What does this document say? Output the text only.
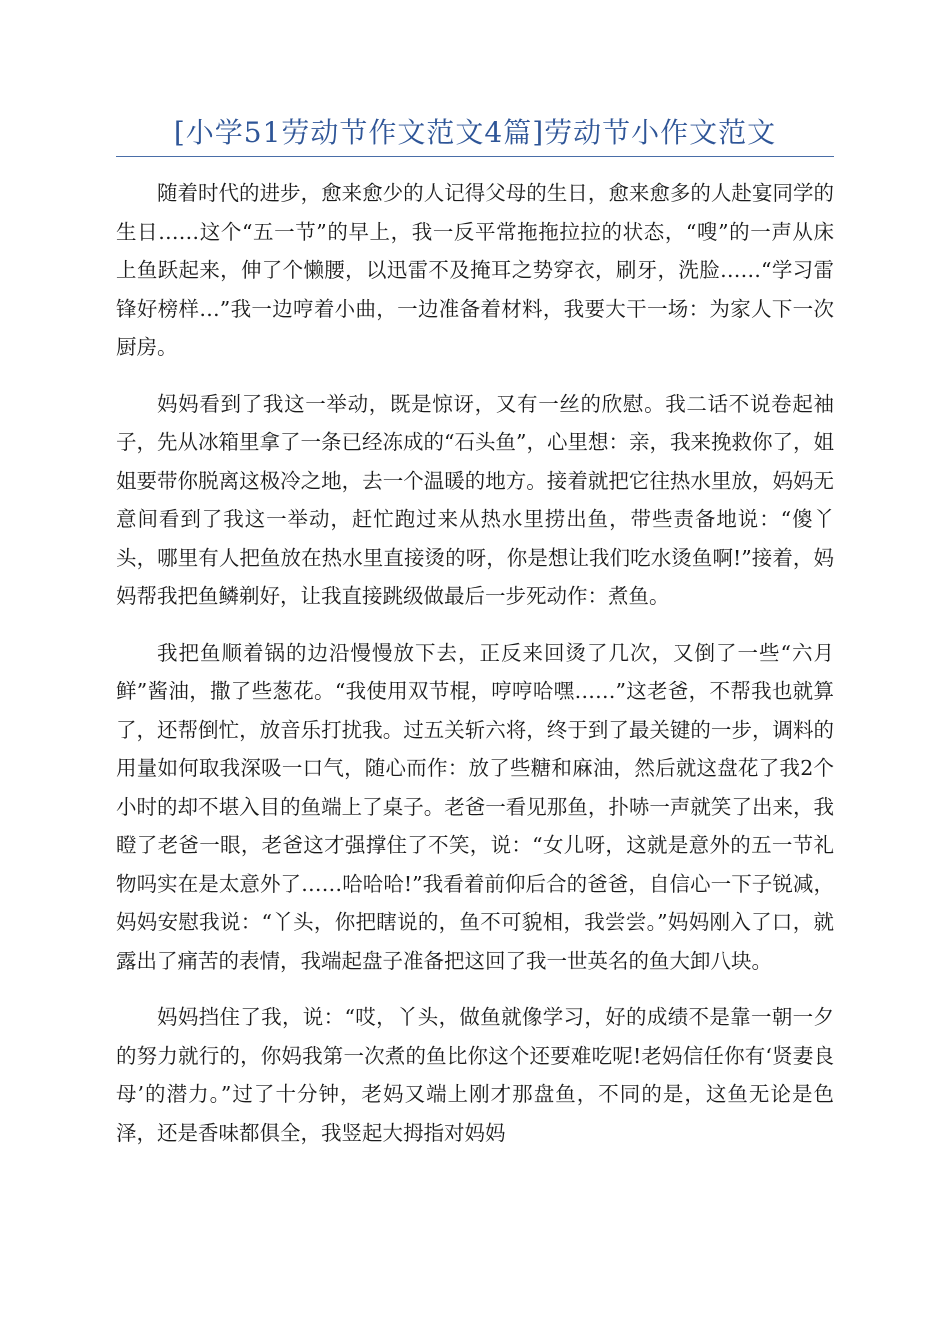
[小学51劳动节作文范文4篇]劳动节小作文范文

随着时代的进步，愈来愈少的人记得父母的生日，愈来愈多的人赴宴同学的生日……这个“五一节”的早上，我一反平常拖拖拉拉的状态，“嗖”的一声从床上鱼跃起来，伸了个懒腰，以迅雷不及掩耳之势穿衣，刷牙，洗脸……“学习雷锋好榜样…”我一边哼着小曲，一边准备着材料，我要大干一场：为家人下一次厨房。

妈妈看到了我这一举动，既是惊讶，又有一丝的欣慰。我二话不说卷起袖子，先从冰箱里拿了一条已经冻成的“石头鱼”，心里想：亲，我来挽救你了，姐姐要带你脱离这极冷之地，去一个温暖的地方。接着就把它往热水里放，妈妈无意间看到了我这一举动，赶忙跑过来从热水里捞出鱼，带些责备地说：“傻丫头，哪里有人把鱼放在热水里直接烫的呀，你是想让我们吃水烫鱼啊!”接着，妈妈帮我把鱼鳞剃好，让我直接跳级做最后一步死动作：煮鱼。

我把鱼顺着锅的边沿慢慢放下去，正反来回烫了几次，又倒了一些“六月鲜”酱油，撒了些葱花。“我使用双节棍，哼哼哈嘿……”这老爸，不帮我也就算了，还帮倒忙，放音乐打扰我。过五关斩六将，终于到了最关键的一步，调料的用量如何取我深吸一口气，随心而作：放了些糖和麻油，然后就这盘花了我2个小时的却不堪入目的鱼端上了桌子。老爸一看见那鱼，扑哧一声就笑了出来，我瞪了老爸一眼，老爸这才强撑住了不笑，说：“女儿呀，这就是意外的五一节礼物吗实在是太意外了……哈哈哈!”我看着前仰后合的爸爸，自信心一下子锐减，妈妈安慰我说：“丫头，你把瞎说的，鱼不可貌相，我尝尝。”妈妈刚入了口，就露出了痛苦的表情，我端起盘子准备把这回了我一世英名的鱼大卸八块。

妈妈挡住了我，说：“哎，丫头，做鱼就像学习，好的成绩不是靠一朝一夕的努力就行的，你妈我第一次煮的鱼比你这个还要难吃呢!老妈信任你有‘贤妻良母’的潜力。”过了十分钟，老妈又端上刚才那盘鱼，不同的是，这鱼无论是色泽，还是香味都俱全，我竖起大拇指对妈妈
